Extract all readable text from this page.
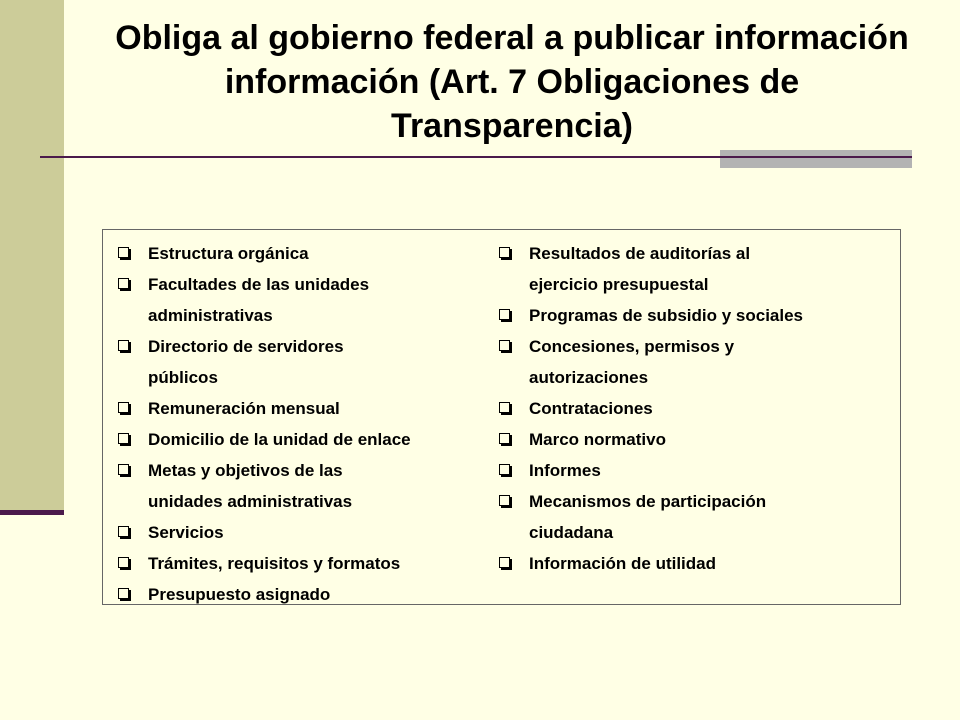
Obliga al gobierno federal a publicar información
información (Art. 7 Obligaciones de
Transparencia)
Estructura orgánica
Facultades de las unidades
administrativas
Directorio de servidores
públicos
Remuneración mensual
Domicilio de la unidad de enlace
Metas y objetivos de las
unidades administrativas
Servicios
Trámites, requisitos y formatos
Presupuesto asignado
Resultados de auditorías al
ejercicio presupuestal
Programas de subsidio y sociales
Concesiones, permisos y
autorizaciones
Contrataciones
Marco normativo
Informes
Mecanismos de participación
ciudadana
Información de utilidad
